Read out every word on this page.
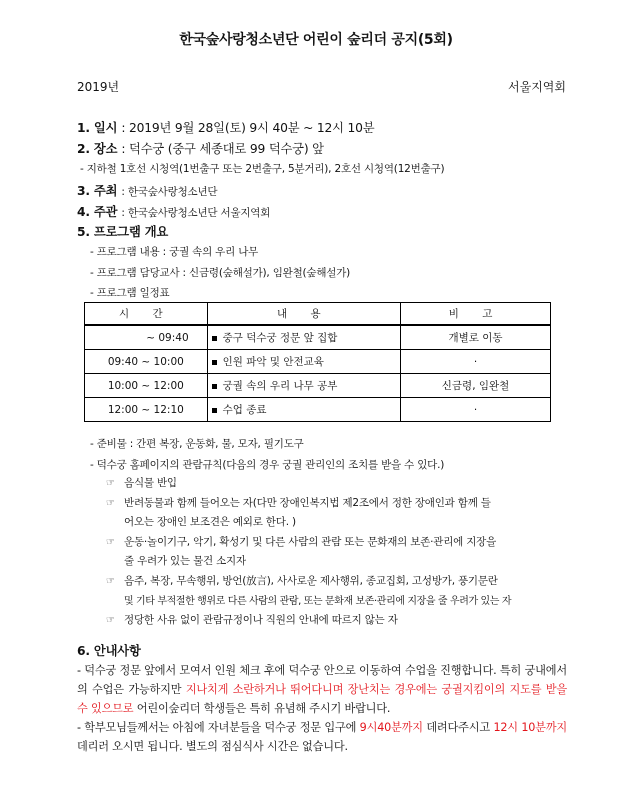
한국숲사랑청소년단 어린이 숲리더 공지(5회)
2019년	서울지역회
1. 일시 : 2019년 9월 28일(토) 9시 40분 ~ 12시 10분
2. 장소 : 덕수궁 (중구 세종대로 99 덕수궁) 앞
- 지하철 1호선 시청역(1번출구 또는 2번출구, 5분거리), 2호선 시청역(12번출구)
3. 주최 : 한국숲사랑청소년단
4. 주관 : 한국숲사랑청소년단 서울지역회
5. 프로그램 개요
- 프로그램 내용 : 궁궐 속의 우리 나무
- 프로그램 담당교사 : 신금령(숲해설가), 임완철(숲해설가)
- 프로그램 일정표
시 간	내 용	비 고
~ 09:40	중구 덕수궁 정문 앞 집합	개별로 이동
09:40 ~ 10:00	인원 파악 및 안전교육	·
10:00 ~ 12:00	궁궐 속의 우리 나무 공부	신금령, 임완철
12:00 ~ 12:10	수업 종료	·
- 준비물 : 간편 복장, 운동화, 물, 모자, 필기도구
- 덕수궁 홈페이지의 관람규칙(다음의 경우 궁궐 관리인의 조치를 받을 수 있다.)
☞ 음식물 반입
☞ 반려동물과 함께 들어오는 자(다만 장애인복지법 제2조에서 정한 장애인과 함께 들
어오는 장애인 보조견은 예외로 한다. )
☞ 운동·놀이기구, 악기, 확성기 및 다른 사람의 관람 또는 문화재의 보존·관리에 지장을
줄 우려가 있는 물건 소지자
☞ 음주, 복장, 무속행위, 방언(放言), 사사로운 제사행위, 종교집회, 고성방가, 풍기문란
및 기타 부적절한 행위로 다른 사람의 관람, 또는 문화재 보존·관리에 지장을 줄 우려가 있는 자
☞ 정당한 사유 없이 관람규정이나 직원의 안내에 따르지 않는 자
6. 안내사항
- 덕수궁 정문 앞에서 모여서 인원 체크 후에 덕수궁 안으로 이동하여 수업을 진행합니다. 특히 궁내에서의 수업은 가능하지만 지나치게 소란하거나 뛰어다니며 장난치는 경우에는 궁궐지킴이의 지도를 받을 수 있으므로 어린이숲리더 학생들은 특히 유념해 주시기 바랍니다.
- 학부모님들께서는 아침에 자녀분들을 덕수궁 정문 입구에 9시40분까지 데려다주시고 12시 10분까지 데리러 오시면 됩니다. 별도의 점심식사 시간은 없습니다.
